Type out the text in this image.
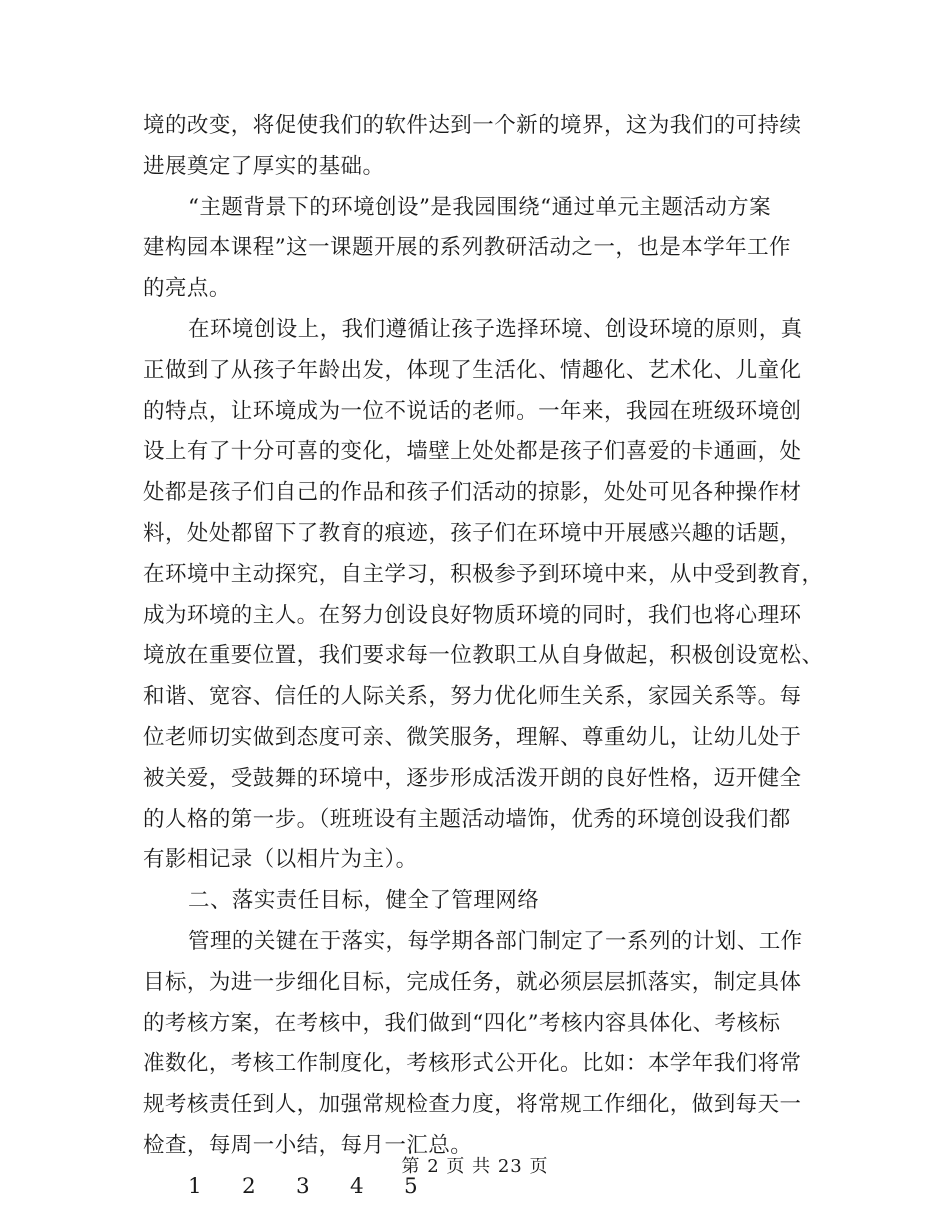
境的改变，将促使我们的软件达到一个新的境界，这为我们的可持续
进展奠定了厚实的基础。
“主题背景下的环境创设”是我园围绕“通过单元主题活动方案
建构园本课程”这一课题开展的系列教研活动之一，也是本学年工作
的亮点。
在环境创设上，我们遵循让孩子选择环境、创设环境的原则，真
正做到了从孩子年龄出发，体现了生活化、情趣化、艺术化、儿童化
的特点，让环境成为一位不说话的老师。一年来，我园在班级环境创
设上有了十分可喜的变化，墙壁上处处都是孩子们喜爱的卡通画，处
处都是孩子们自己的作品和孩子们活动的掠影，处处可见各种操作材
料，处处都留下了教育的痕迹，孩子们在环境中开展感兴趣的话题，
在环境中主动探究，自主学习，积极参予到环境中来，从中受到教育，
成为环境的主人。在努力创设良好物质环境的同时，我们也将心理环
境放在重要位置，我们要求每一位教职工从自身做起，积极创设宽松、
和谐、宽容、信任的人际关系，努力优化师生关系，家园关系等。每
位老师切实做到态度可亲、微笑服务，理解、尊重幼儿，让幼儿处于
被关爱，受鼓舞的环境中，逐步形成活泼开朗的良好性格，迈开健全
的人格的第一步。（班班设有主题活动墙饰，优秀的环境创设我们都
有影相记录（以相片为主）。
二、落实责任目标，健全了管理网络
管理的关键在于落实，每学期各部门制定了一系列的计划、工作
目标，为进一步细化目标，完成任务，就必须层层抓落实，制定具体
的考核方案，在考核中，我们做到“四化”考核内容具体化、考核标
准数化，考核工作制度化，考核形式公开化。比如：本学年我们将常
规考核责任到人，加强常规检查力度，将常规工作细化，做到每天一
检查，每周一小结，每月一汇总。
1 2 3 4 5
第 2 页 共 23 页
